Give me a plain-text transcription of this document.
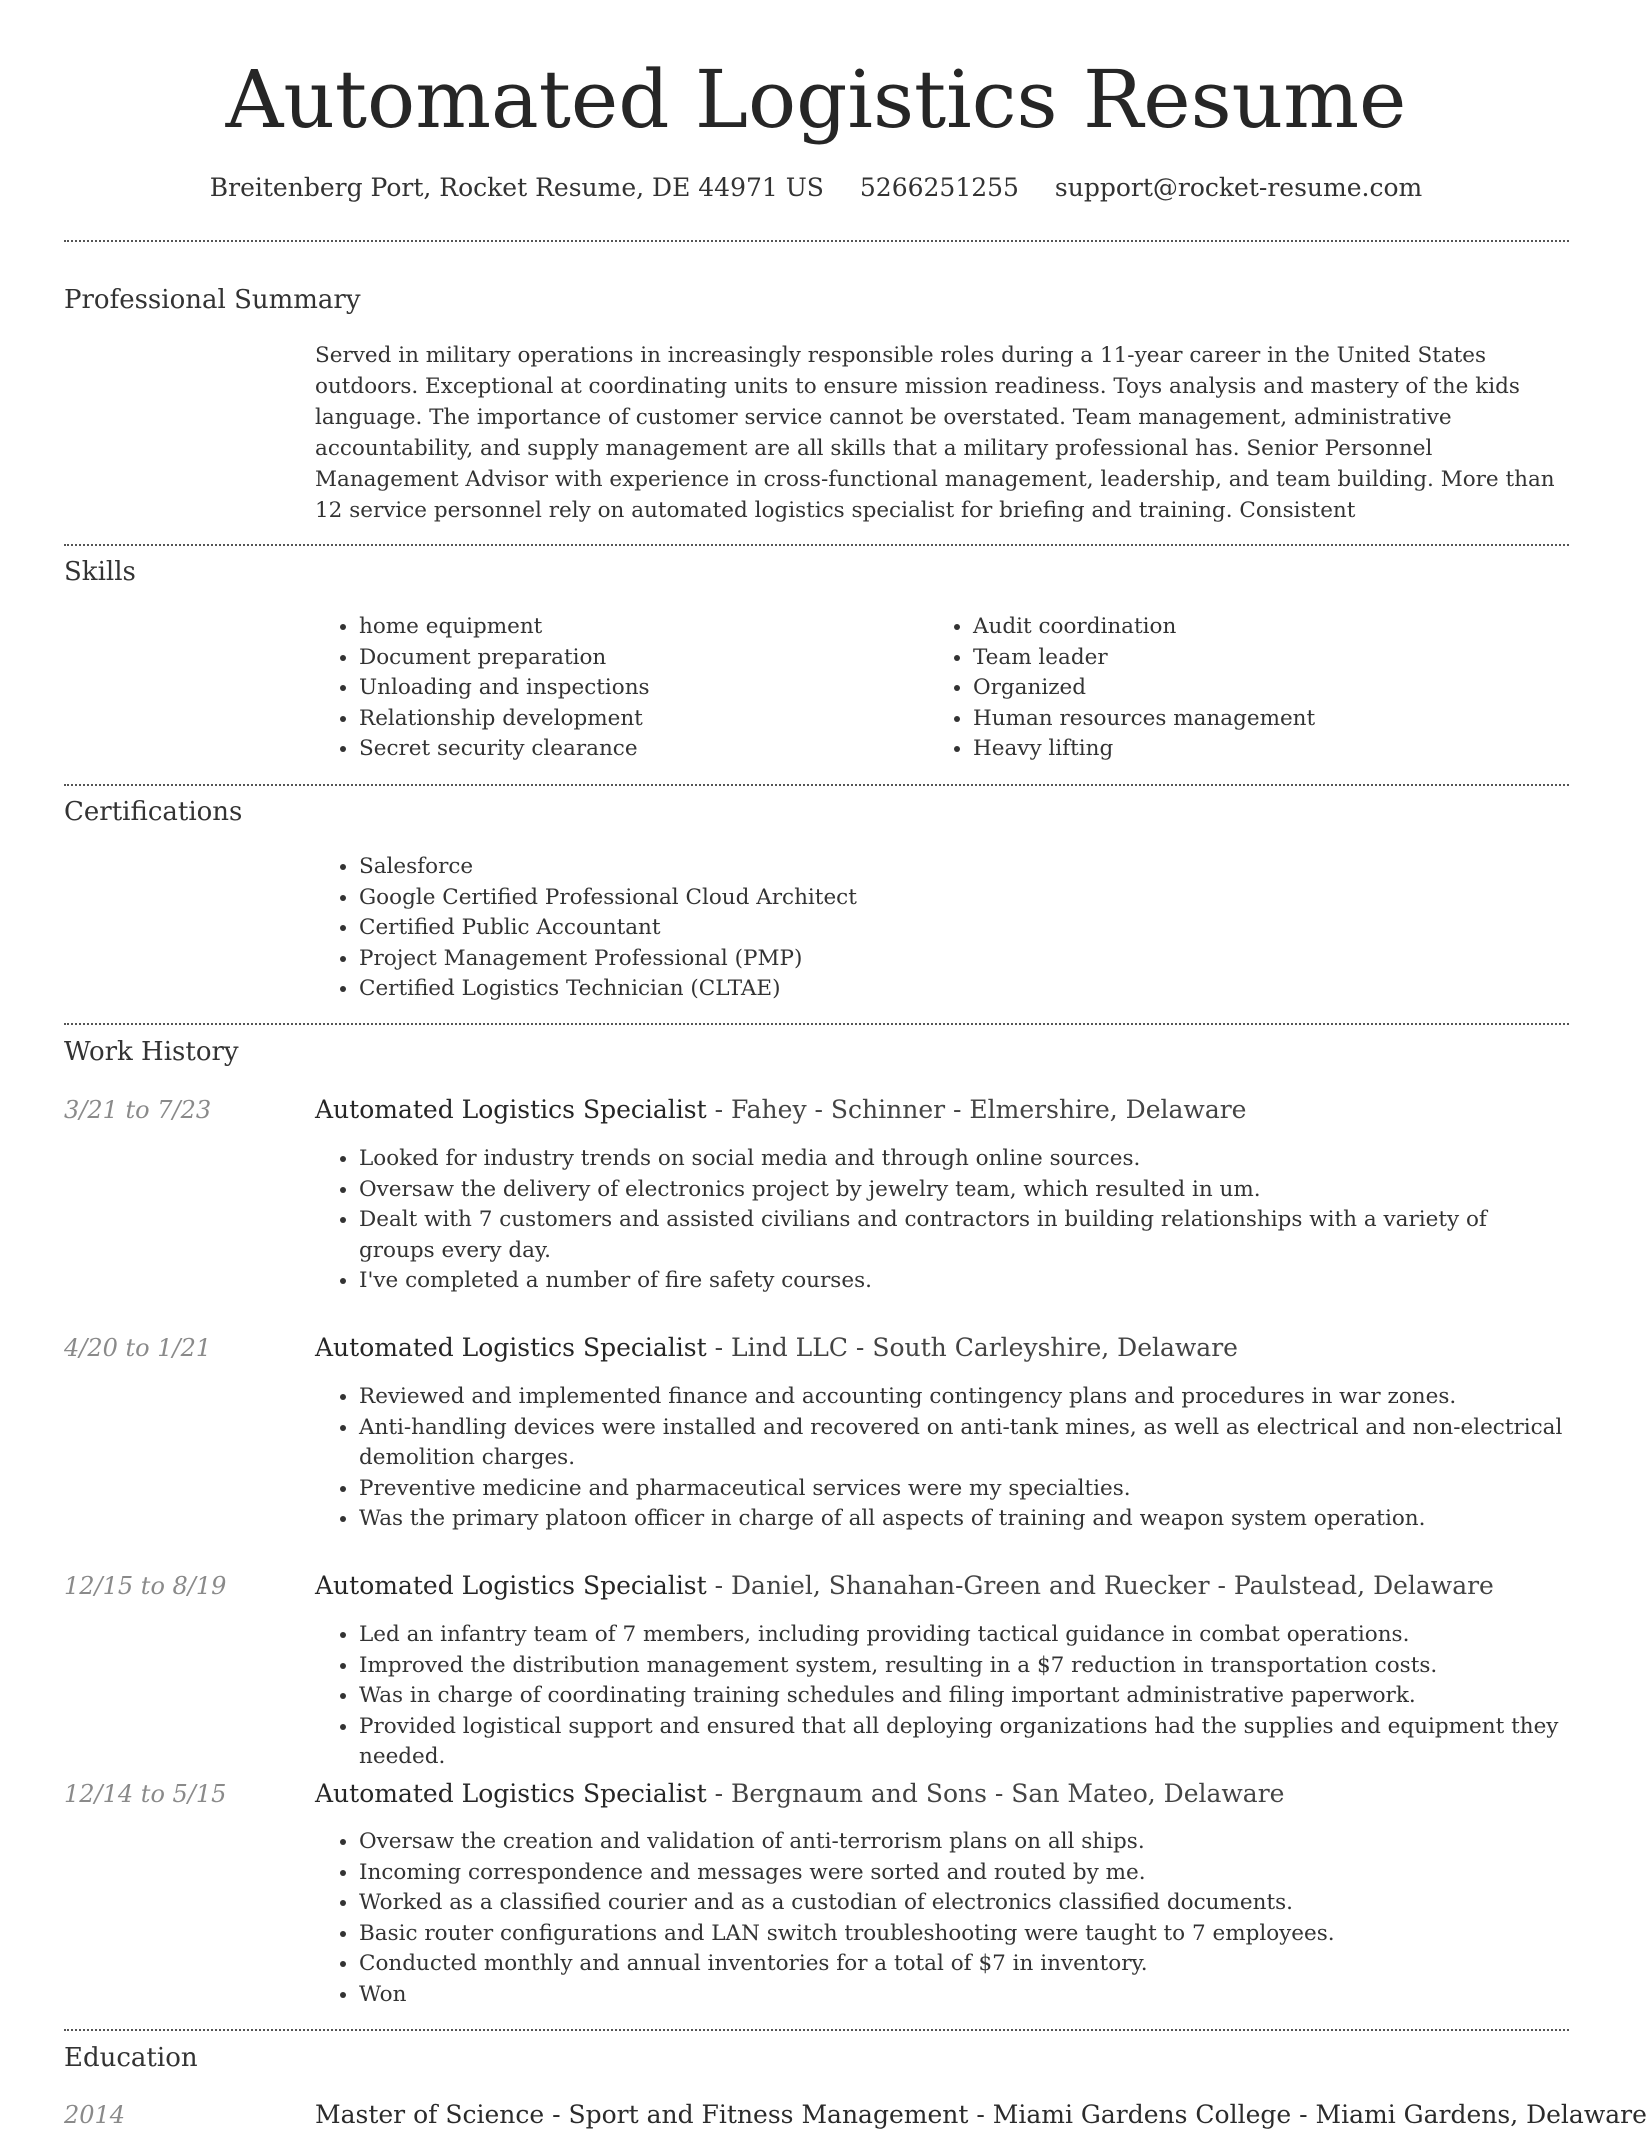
Automated Logistics Resume
Breitenberg Port, Rocket Resume, DE 44971 US 5266251255 support@rocket-resume.com
Professional Summary

Served in military operations in increasingly responsible roles during a 11-year career in the United States outdoors. Exceptional at coordinating units to ensure mission readiness. Toys analysis and mastery of the kids language. The importance of customer service cannot be overstated. Team management, administrative accountability, and supply management are all skills that a military professional has. Senior Personnel Management Advisor with experience in cross-functional management, leadership, and team building. More than 12 service personnel rely on automated logistics specialist for briefing and training. Consistent

Skills
• home equipment
• Document preparation
• Unloading and inspections
• Relationship development
• Secret security clearance
• Audit coordination
• Team leader
• Organized
• Human resources management
• Heavy lifting
Certifications
• Salesforce
• Google Certified Professional Cloud Architect
• Certified Public Accountant
• Project Management Professional (PMP)
• Certified Logistics Technician (CLTAE)
Work History
3/21 to 7/23	Automated Logistics Specialist - Fahey - Schinner - Elmershire, Delaware
• Looked for industry trends on social media and through online sources.
• Oversaw the delivery of electronics project by jewelry team, which resulted in um.
• Dealt with 7 customers and assisted civilians and contractors in building relationships with a variety of groups every day.
• I've completed a number of fire safety courses.
4/20 to 1/21	Automated Logistics Specialist - Lind LLC - South Carleyshire, Delaware
• Reviewed and implemented finance and accounting contingency plans and procedures in war zones.
• Anti-handling devices were installed and recovered on anti-tank mines, as well as electrical and non-electrical demolition charges.
• Preventive medicine and pharmaceutical services were my specialties.
• Was the primary platoon officer in charge of all aspects of training and weapon system operation.
12/15 to 8/19	Automated Logistics Specialist - Daniel, Shanahan-Green and Ruecker - Paulstead, Delaware
• Led an infantry team of 7 members, including providing tactical guidance in combat operations.
• Improved the distribution management system, resulting in a $7 reduction in transportation costs.
• Was in charge of coordinating training schedules and filing important administrative paperwork.
• Provided logistical support and ensured that all deploying organizations had the supplies and equipment they needed.
12/14 to 5/15	Automated Logistics Specialist - Bergnaum and Sons - San Mateo, Delaware
• Oversaw the creation and validation of anti-terrorism plans on all ships.
• Incoming correspondence and messages were sorted and routed by me.
• Worked as a classified courier and as a custodian of electronics classified documents.
• Basic router configurations and LAN switch troubleshooting were taught to 7 employees.
• Conducted monthly and annual inventories for a total of $7 in inventory.
• Won
Education
2014	Master of Science - Sport and Fitness Management - Miami Gardens College - Miami Gardens, Delaware
